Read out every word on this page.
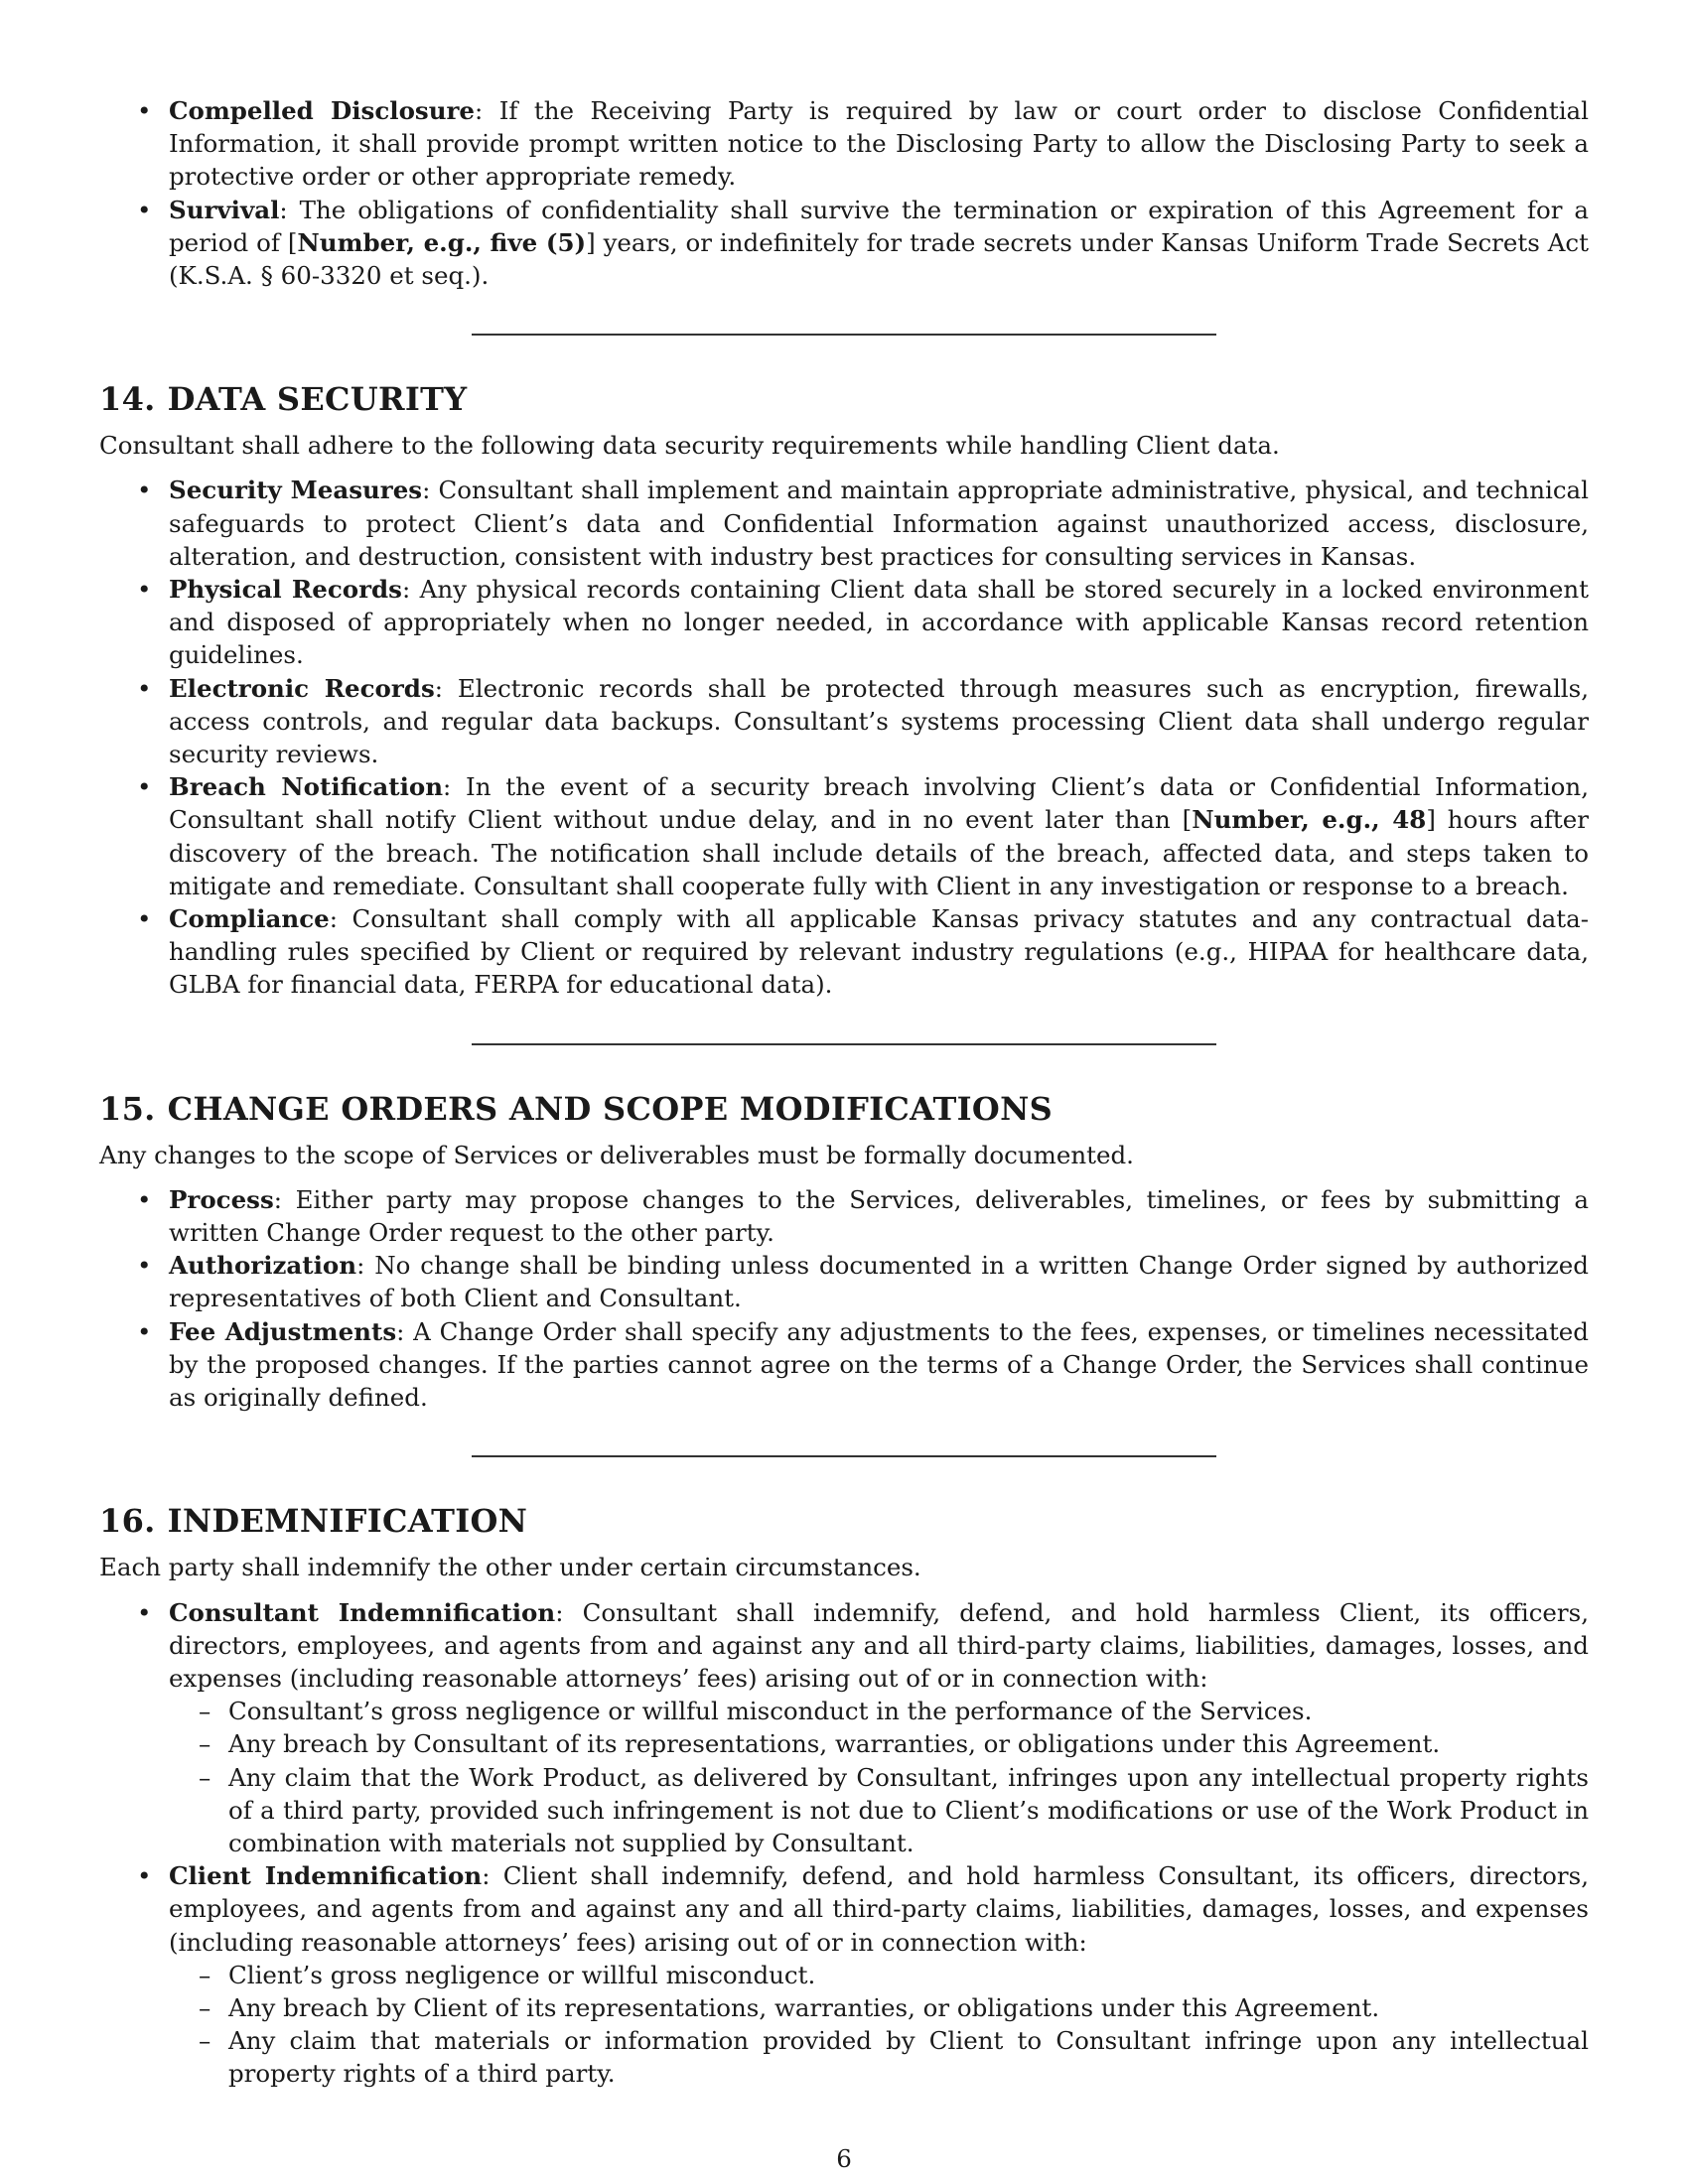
• Compelled Disclosure: If the Receiving Party is required by law or court order to disclose Confidential Information, it shall provide prompt written notice to the Disclosing Party to allow the Disclosing Party to seek a protective order or other appropriate remedy.
• Survival: The obligations of confidentiality shall survive the termination or expiration of this Agreement for a period of [Number, e.g., five (5)] years, or indefinitely for trade secrets under Kansas Uniform Trade Secrets Act (K.S.A. § 60-3320 et seq.).
14. DATA SECURITY

Consultant shall adhere to the following data security requirements while handling Client data.

• Security Measures: Consultant shall implement and maintain appropriate administrative, physical, and technical safeguards to protect Client’s data and Confidential Information against unauthorized access, disclosure, alteration, and destruction, consistent with industry best practices for consulting services in Kansas.
• Physical Records: Any physical records containing Client data shall be stored securely in a locked environment and disposed of appropriately when no longer needed, in accordance with applicable Kansas record retention guidelines.
• Electronic Records: Electronic records shall be protected through measures such as encryption, firewalls, access controls, and regular data backups. Consultant’s systems processing Client data shall undergo regular security reviews.
• Breach Notification: In the event of a security breach involving Client’s data or Confidential Information, Consultant shall notify Client without undue delay, and in no event later than [Number, e.g., 48] hours after discovery of the breach. The notification shall include details of the breach, affected data, and steps taken to mitigate and remediate. Consultant shall cooperate fully with Client in any investigation or response to a breach.
• Compliance: Consultant shall comply with all applicable Kansas privacy statutes and any contractual data-handling rules specified by Client or required by relevant industry regulations (e.g., HIPAA for healthcare data, GLBA for financial data, FERPA for educational data).
15. CHANGE ORDERS AND SCOPE MODIFICATIONS

Any changes to the scope of Services or deliverables must be formally documented.

• Process: Either party may propose changes to the Services, deliverables, timelines, or fees by submitting a written Change Order request to the other party.
• Authorization: No change shall be binding unless documented in a written Change Order signed by authorized representatives of both Client and Consultant.
• Fee Adjustments: A Change Order shall specify any adjustments to the fees, expenses, or timelines necessitated by the proposed changes. If the parties cannot agree on the terms of a Change Order, the Services shall continue as originally defined.
16. INDEMNIFICATION

Each party shall indemnify the other under certain circumstances.

• Consultant Indemnification: Consultant shall indemnify, defend, and hold harmless Client, its officers, directors, employees, and agents from and against any and all third-party claims, liabilities, damages, losses, and expenses (including reasonable attorneys’ fees) arising out of or in connection with:
– Consultant’s gross negligence or willful misconduct in the performance of the Services.
– Any breach by Consultant of its representations, warranties, or obligations under this Agreement.
– Any claim that the Work Product, as delivered by Consultant, infringes upon any intellectual property rights of a third party, provided such infringement is not due to Client’s modifications or use of the Work Product in combination with materials not supplied by Consultant.
• Client Indemnification: Client shall indemnify, defend, and hold harmless Consultant, its officers, directors, employees, and agents from and against any and all third-party claims, liabilities, damages, losses, and expenses (including reasonable attorneys’ fees) arising out of or in connection with:
– Client’s gross negligence or willful misconduct.
– Any breach by Client of its representations, warranties, or obligations under this Agreement.
– Any claim that materials or information provided by Client to Consultant infringe upon any intellectual property rights of a third party.
6
